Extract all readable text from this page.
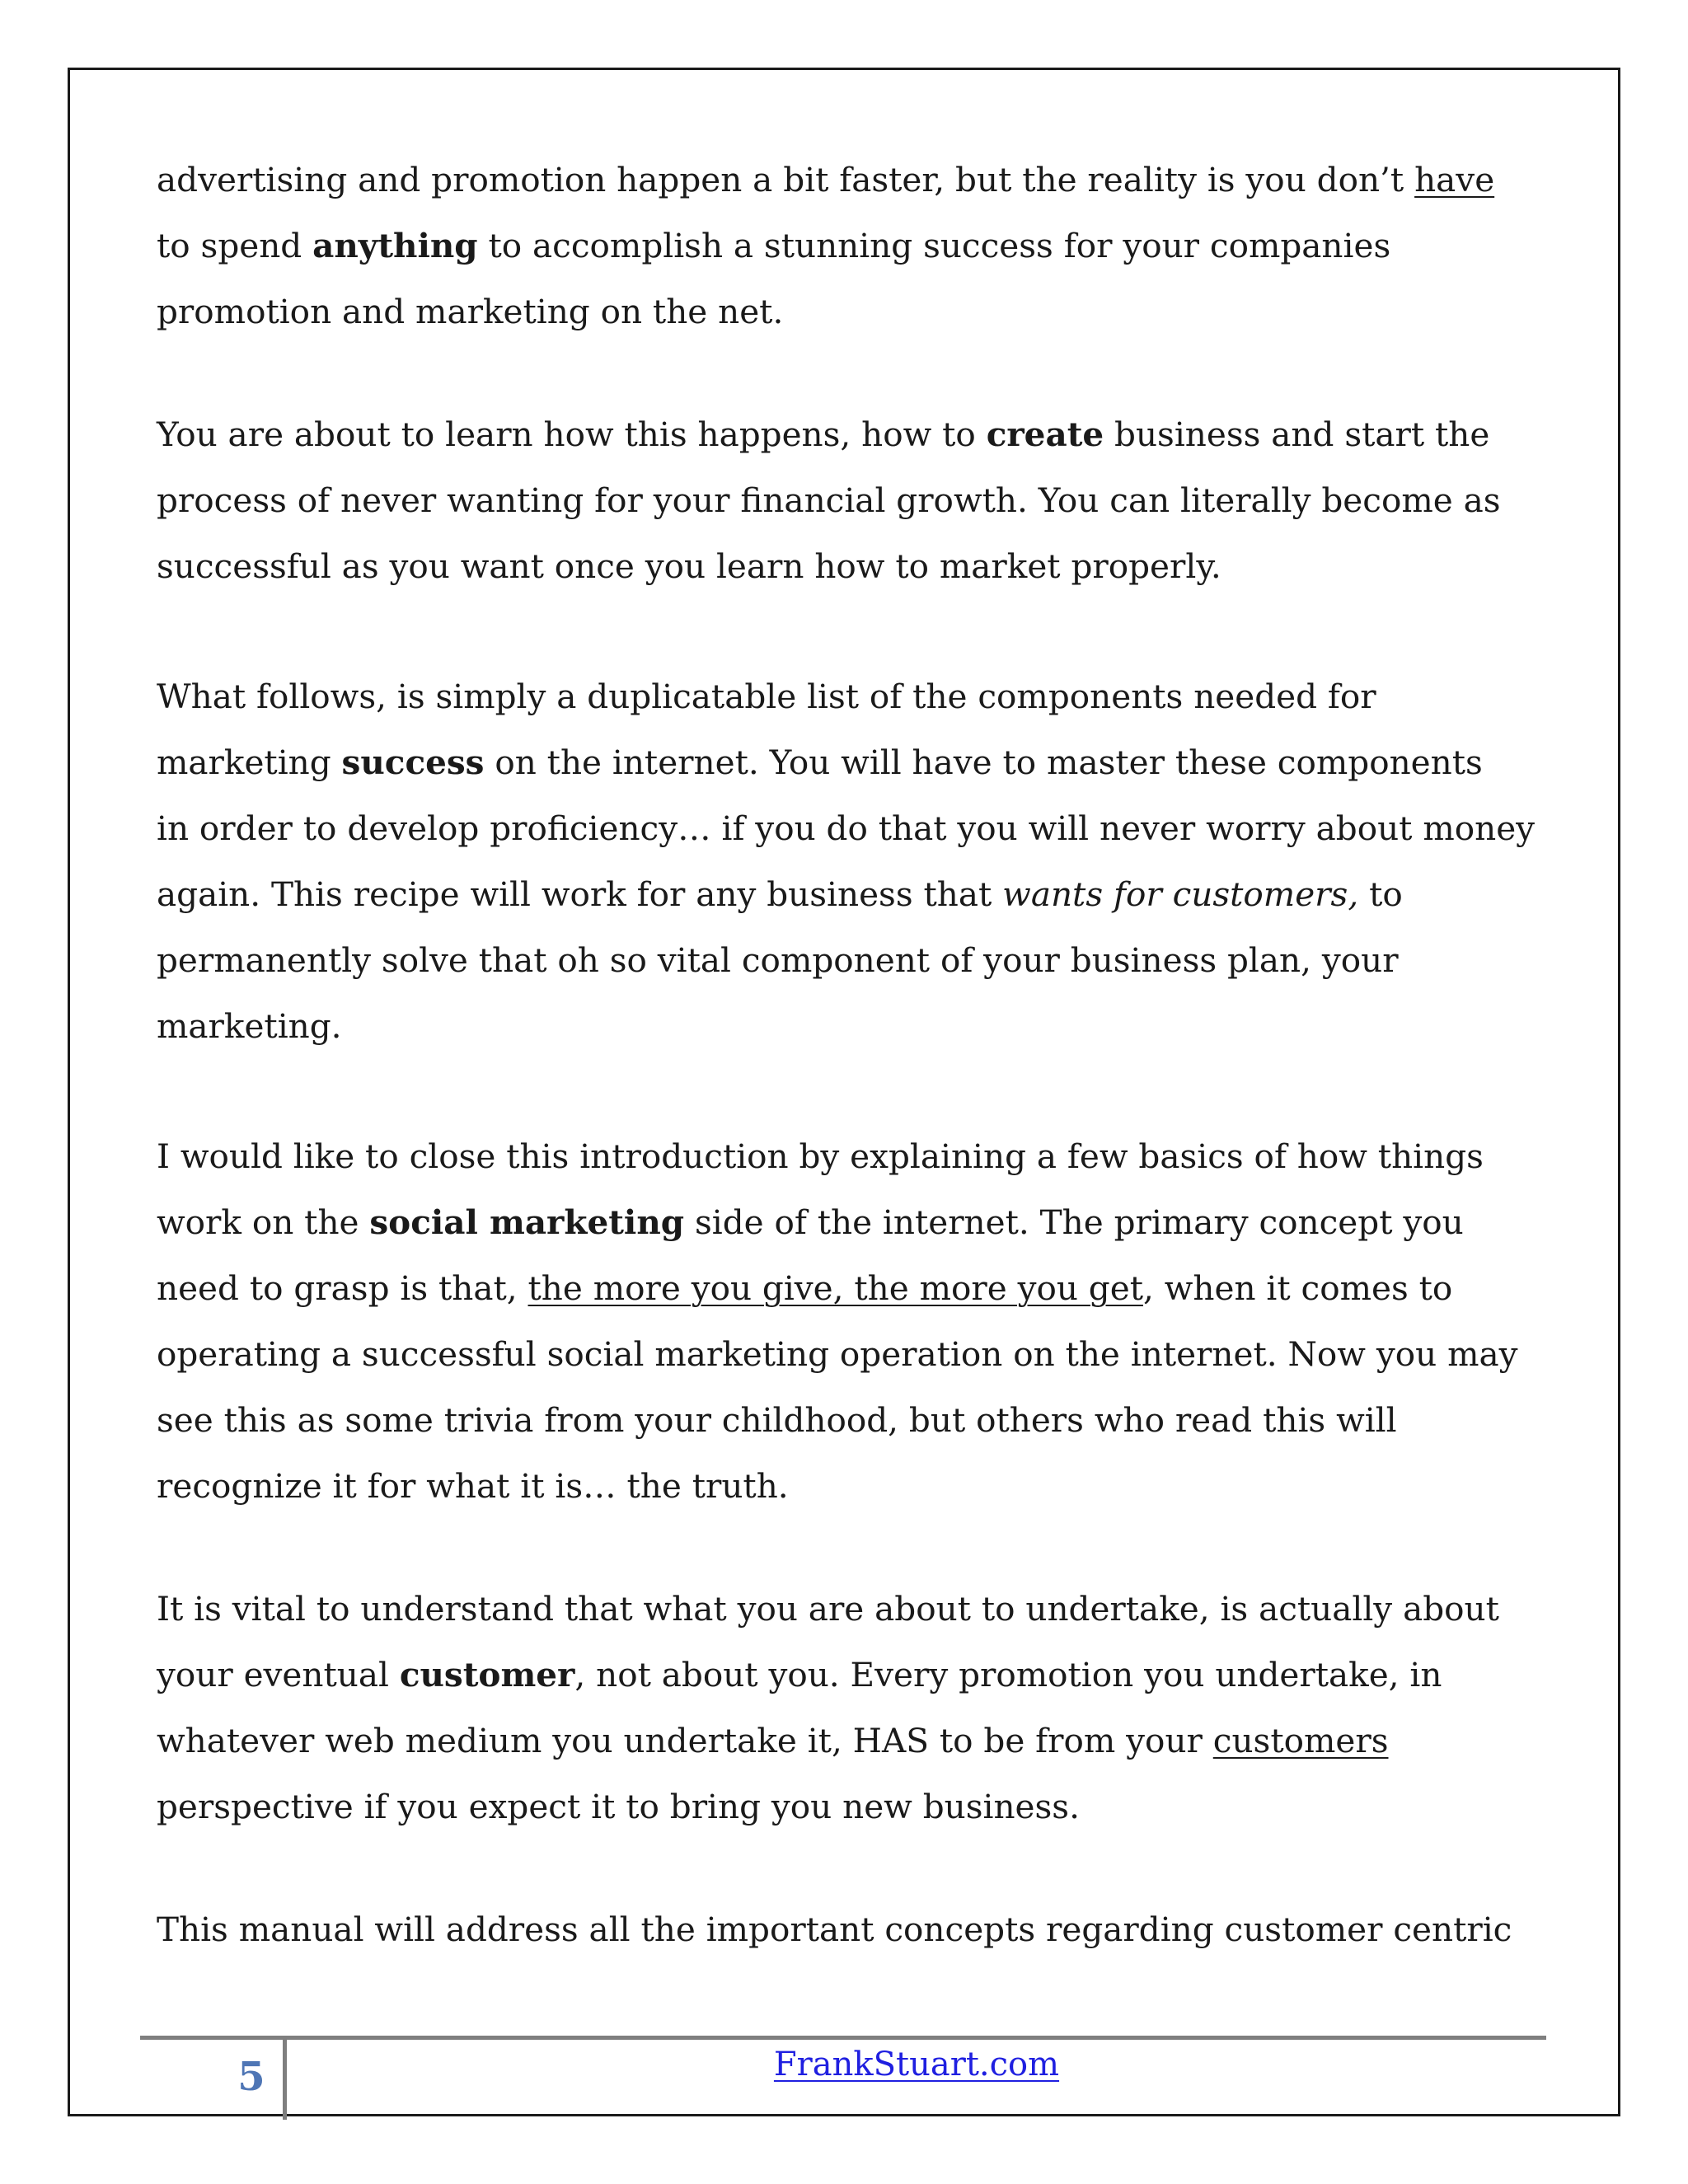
advertising and promotion happen a bit faster, but the reality is you don’t have
to spend anything to accomplish a stunning success for your companies
promotion and marketing on the net.
You are about to learn how this happens, how to create business and start the
process of never wanting for your financial growth. You can literally become as
successful as you want once you learn how to market properly.
What follows, is simply a duplicatable list of the components needed for
marketing success on the internet. You will have to master these components
in order to develop proficiency… if you do that you will never worry about money
again. This recipe will work for any business that wants for customers, to
permanently solve that oh so vital component of your business plan, your
marketing.
I would like to close this introduction by explaining a few basics of how things
work on the social marketing side of the internet. The primary concept you
need to grasp is that, the more you give, the more you get, when it comes to
operating a successful social marketing operation on the internet. Now you may
see this as some trivia from your childhood, but others who read this will
recognize it for what it is… the truth.
It is vital to understand that what you are about to undertake, is actually about
your eventual customer, not about you. Every promotion you undertake, in
whatever web medium you undertake it, HAS to be from your customers
perspective if you expect it to bring you new business.
This manual will address all the important concepts regarding customer centric
5	FrankStuart.com
